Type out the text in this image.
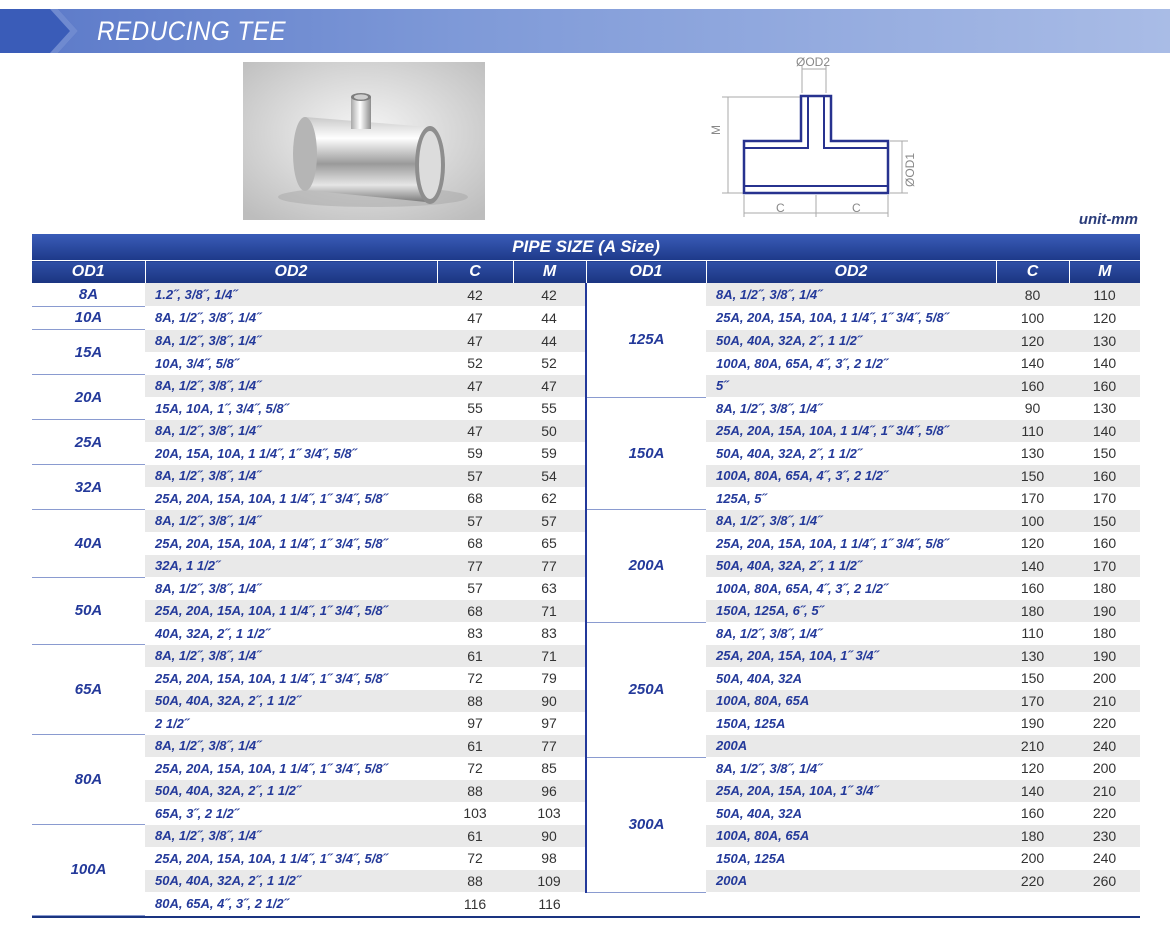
REDUCING TEE
ØOD2
M
ØOD1
C	C
unit-mm
PIPE SIZE (A Size)							
OD1	OD2	C	M	OD1	OD2	C	M
8A	1.2˝, 3/8˝, 1/4˝	42	42	125A	8A, 1/2˝, 3/8˝, 1/4˝	80	110
10A	8A, 1/2˝, 3/8˝, 1/4˝	47	44		25A, 20A, 15A, 10A, 1 1/4˝, 1˝ 3/4˝, 5/8˝	100	120
15A	8A, 1/2˝, 3/8˝, 1/4˝	47	44		50A, 40A, 32A, 2˝, 1 1/2˝	120	130
	10A, 3/4˝, 5/8˝	52	52		100A, 80A, 65A, 4˝, 3˝, 2 1/2˝	140	140
20A	8A, 1/2˝, 3/8˝, 1/4˝	47	47		5˝	160	160
	15A, 10A, 1˝, 3/4˝, 5/8˝	55	55	150A	8A, 1/2˝, 3/8˝, 1/4˝	90	130
25A	8A, 1/2˝, 3/8˝, 1/4˝	47	50		25A, 20A, 15A, 10A, 1 1/4˝, 1˝ 3/4˝, 5/8˝	110	140
	20A, 15A, 10A, 1 1/4˝, 1˝ 3/4˝, 5/8˝	59	59		50A, 40A, 32A, 2˝, 1 1/2˝	130	150
32A	8A, 1/2˝, 3/8˝, 1/4˝	57	54		100A, 80A, 65A, 4˝, 3˝, 2 1/2˝	150	160
	25A, 20A, 15A, 10A, 1 1/4˝, 1˝ 3/4˝, 5/8˝	68	62		125A, 5˝	170	170
40A	8A, 1/2˝, 3/8˝, 1/4˝	57	57	200A	8A, 1/2˝, 3/8˝, 1/4˝	100	150
	25A, 20A, 15A, 10A, 1 1/4˝, 1˝ 3/4˝, 5/8˝	68	65		25A, 20A, 15A, 10A, 1 1/4˝, 1˝ 3/4˝, 5/8˝	120	160
	32A, 1 1/2˝	77	77		50A, 40A, 32A, 2˝, 1 1/2˝	140	170
50A	8A, 1/2˝, 3/8˝, 1/4˝	57	63		100A, 80A, 65A, 4˝, 3˝, 2 1/2˝	160	180
	25A, 20A, 15A, 10A, 1 1/4˝, 1˝ 3/4˝, 5/8˝	68	71		150A, 125A, 6˝, 5˝	180	190
	40A, 32A, 2˝, 1 1/2˝	83	83	250A	8A, 1/2˝, 3/8˝, 1/4˝	110	180
65A	8A, 1/2˝, 3/8˝, 1/4˝	61	71		25A, 20A, 15A, 10A, 1˝ 3/4˝	130	190
	25A, 20A, 15A, 10A, 1 1/4˝, 1˝ 3/4˝, 5/8˝	72	79		50A, 40A, 32A	150	200
	50A, 40A, 32A, 2˝, 1 1/2˝	88	90		100A, 80A, 65A	170	210
	2 1/2˝	97	97		150A, 125A	190	220
80A	8A, 1/2˝, 3/8˝, 1/4˝	61	77		200A	210	240
	25A, 20A, 15A, 10A, 1 1/4˝, 1˝ 3/4˝, 5/8˝	72	85	300A	8A, 1/2˝, 3/8˝, 1/4˝	120	200
	50A, 40A, 32A, 2˝, 1 1/2˝	88	96		25A, 20A, 15A, 10A, 1˝ 3/4˝	140	210
	65A, 3˝, 2 1/2˝	103	103		50A, 40A, 32A	160	220
100A	8A, 1/2˝, 3/8˝, 1/4˝	61	90		100A, 80A, 65A	180	230
	25A, 20A, 15A, 10A, 1 1/4˝, 1˝ 3/4˝, 5/8˝	72	98		150A, 125A	200	240
	50A, 40A, 32A, 2˝, 1 1/2˝	88	109		200A	220	260
	80A, 65A, 4˝, 3˝, 2 1/2˝	116	116				
